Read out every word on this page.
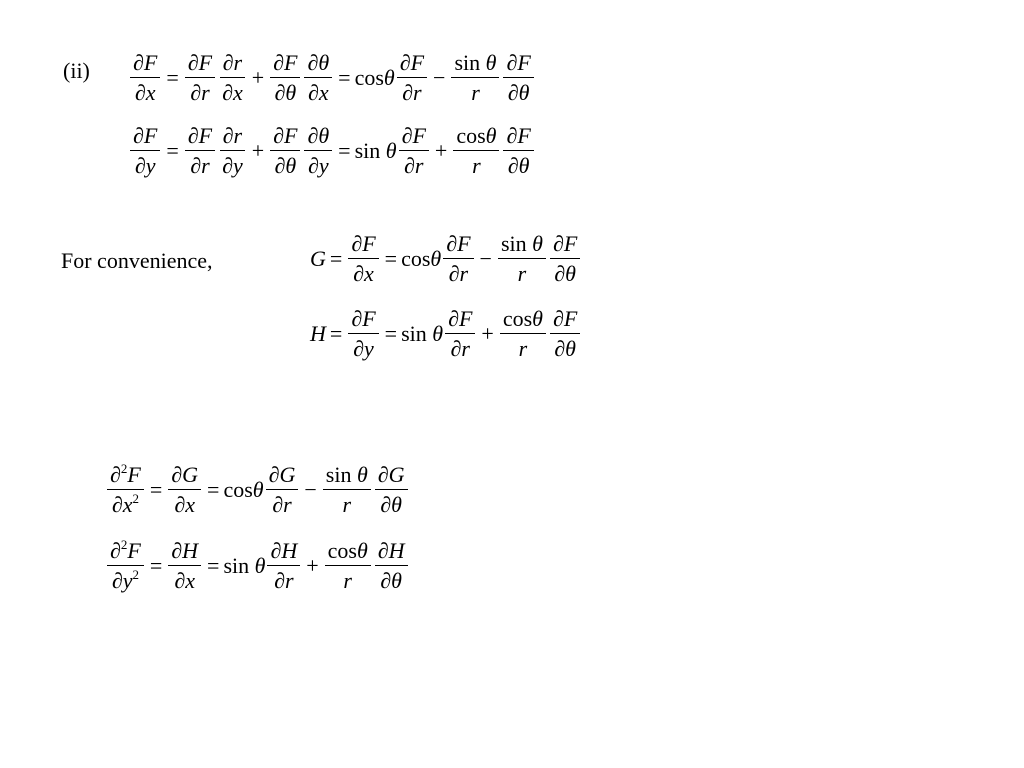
$(ii) \frac{\partial F}{\partial x} = \frac{\partial F}{\partial r} \frac{\partial r}{\partial x} + \frac{\partial F}{\partial\theta} \frac{\partial\theta}{\partial x} = \cos \theta \frac{\partial F}{\partial r} - \frac{\text{sin θ}}{r} \frac{\partial F}{\partial\theta}$
$\frac{\partial F}{\partial y} = \frac{\partial F}{\partial r} \frac{\partial r}{\partial y} + \frac{\partial F}{\partial\theta} \frac{\partial\theta}{\partial y} = \sin$
θ $\frac{\partial F}{\partial r} + \frac{\cos\theta}{r} \frac{\partial F}{\partial\theta}$
For convenience,	$G = \frac{\partial F}{\partial x} = \cos \theta \frac{\partial F}{\partial r} - \frac{\text{sin θ}}{r} \frac{\partial F}{\partial\theta}$
$H = \frac{\partial F}{\partial y} = \sin$
θ $\frac{\partial F}{\partial r} + \frac{\cos\theta}{r} \frac{\partial F}{\partial\theta}$
$\frac{\partial^2F}{\partial x^2} = \frac{\partial G}{\partial x} = \cos \theta \frac{\partial G}{\partial r} - \frac{\text{sin θ}}{r} \frac{\partial G}{\partial\theta}$
$\frac{\partial^2F}{\partial y^2} = \frac{\partial H}{\partial x} = \sin$
θ $\frac{\partial H}{\partial r} + \frac{\cos\theta}{r} \frac{\partial H}{\partial\theta}$
